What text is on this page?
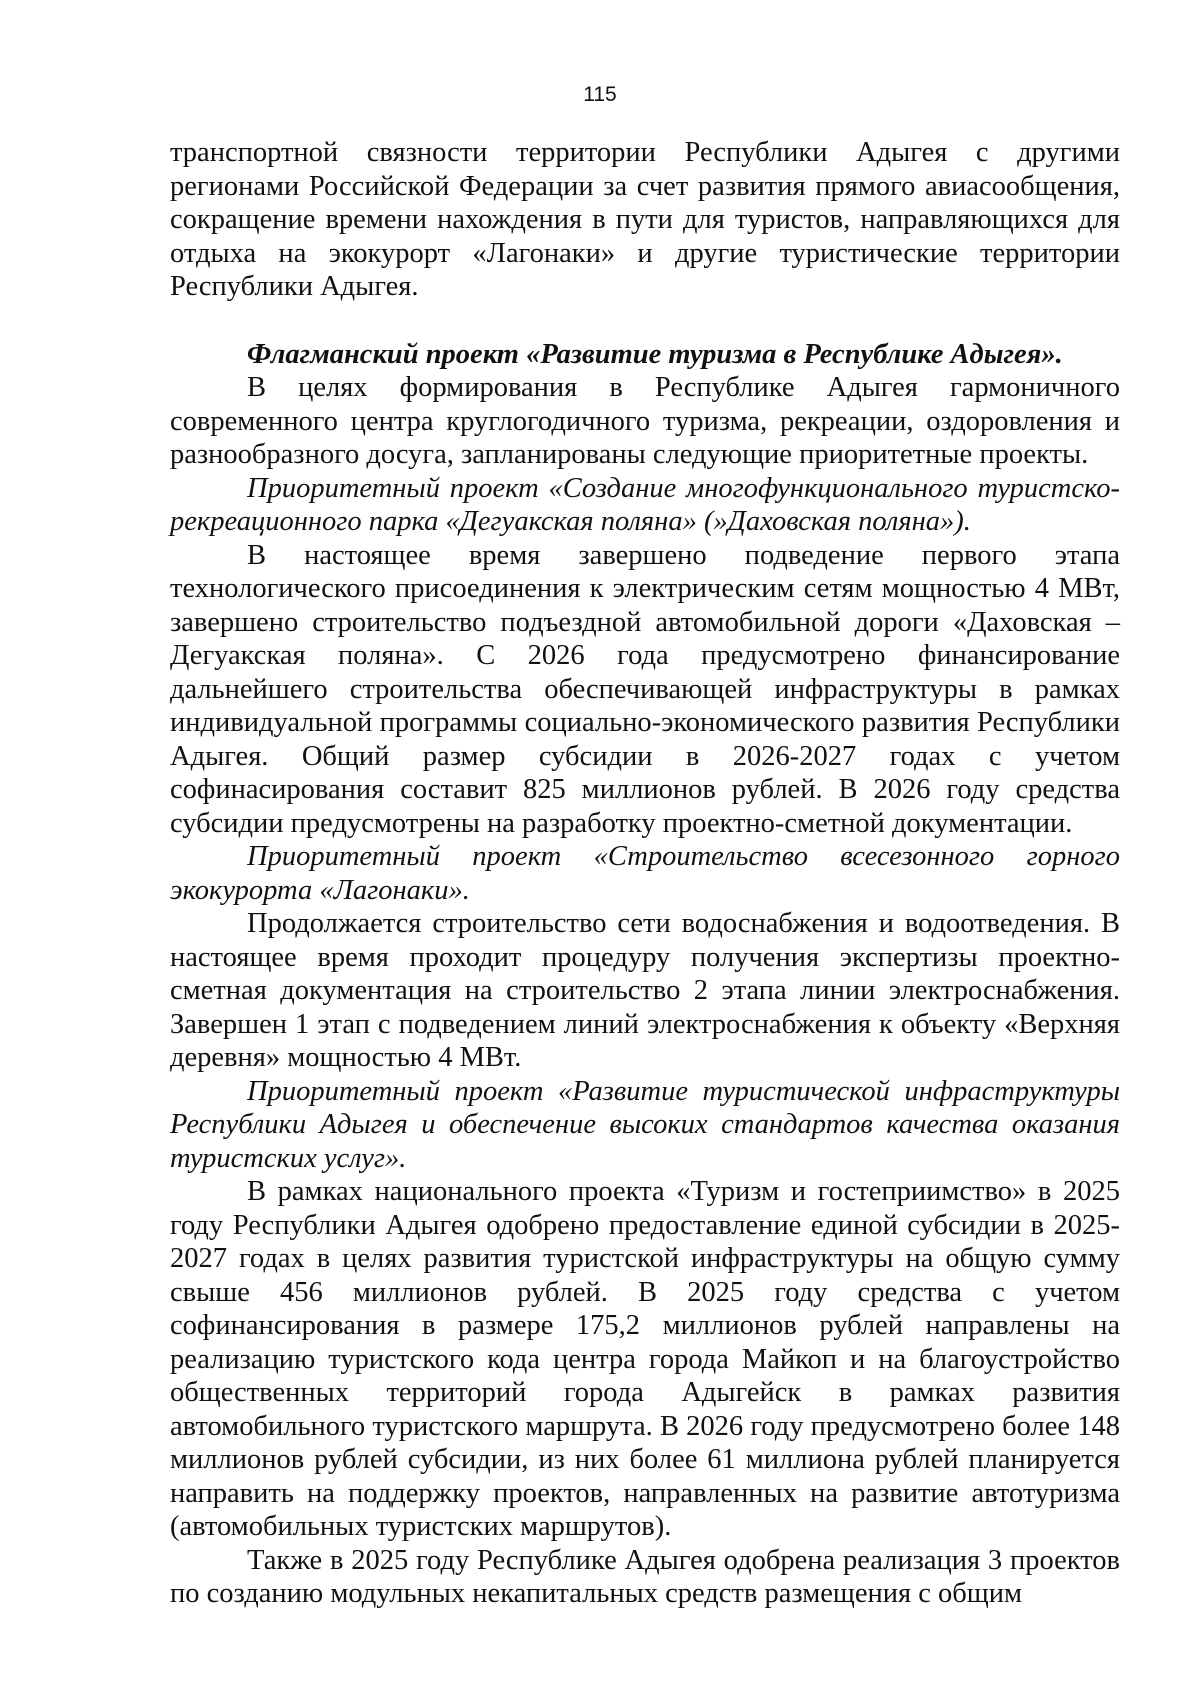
115

транспортной связности территории Республики Адыгея с другими регионами Российской Федерации за счет развития прямого авиасообщения, сокращение времени нахождения в пути для туристов, направляющихся для отдыха на экокурорт «Лагонаки» и другие туристические территории Республики Адыгея.

Флагманский проект «Развитие туризма в Республике Адыгея».

В целях формирования в Республике Адыгея гармоничного современного центра круглогодичного туризма, рекреации, оздоровления и разнообразного досуга, запланированы следующие приоритетные проекты.

Приоритетный проект «Создание многофункционального туристско-рекреационного парка «Дегуакская поляна» (»Даховская поляна»).

В настоящее время завершено подведение первого этапа технологического присоединения к электрическим сетям мощностью 4 МВт, завершено строительство подъездной автомобильной дороги «Даховская – Дегуакская поляна». С 2026 года предусмотрено финансирование дальнейшего строительства обеспечивающей инфраструктуры в рамках индивидуальной программы социально-экономического развития Республики Адыгея. Общий размер субсидии в 2026-2027 годах с учетом софинасирования составит 825 миллионов рублей. В 2026 году средства субсидии предусмотрены на разработку проектно-сметной документации.

Приоритетный проект «Строительство всесезонного горного экокурорта «Лагонаки».

Продолжается строительство сети водоснабжения и водоотведения. В настоящее время проходит процедуру получения экспертизы проектно-сметная документация на строительство 2 этапа линии электроснабжения. Завершен 1 этап с подведением линий электроснабжения к объекту «Верхняя деревня» мощностью 4 МВт.

Приоритетный проект «Развитие туристической инфраструктуры Республики Адыгея и обеспечение высоких стандартов качества оказания туристских услуг».

В рамках национального проекта «Туризм и гостеприимство» в 2025 году Республики Адыгея одобрено предоставление единой субсидии в 2025-2027 годах в целях развития туристской инфраструктуры на общую сумму свыше 456 миллионов рублей. В 2025 году средства с учетом софинансирования в размере 175,2 миллионов рублей направлены на реализацию туристского кода центра города Майкоп и на благоустройство общественных территорий города Адыгейск в рамках развития автомобильного туристского маршрута. В 2026 году предусмотрено более 148 миллионов рублей субсидии, из них более 61 миллиона рублей планируется направить на поддержку проектов, направленных на развитие автотуризма (автомобильных туристских маршрутов).

Также в 2025 году Республике Адыгея одобрена реализация 3 проектов по созданию модульных некапитальных средств размещения с общим
